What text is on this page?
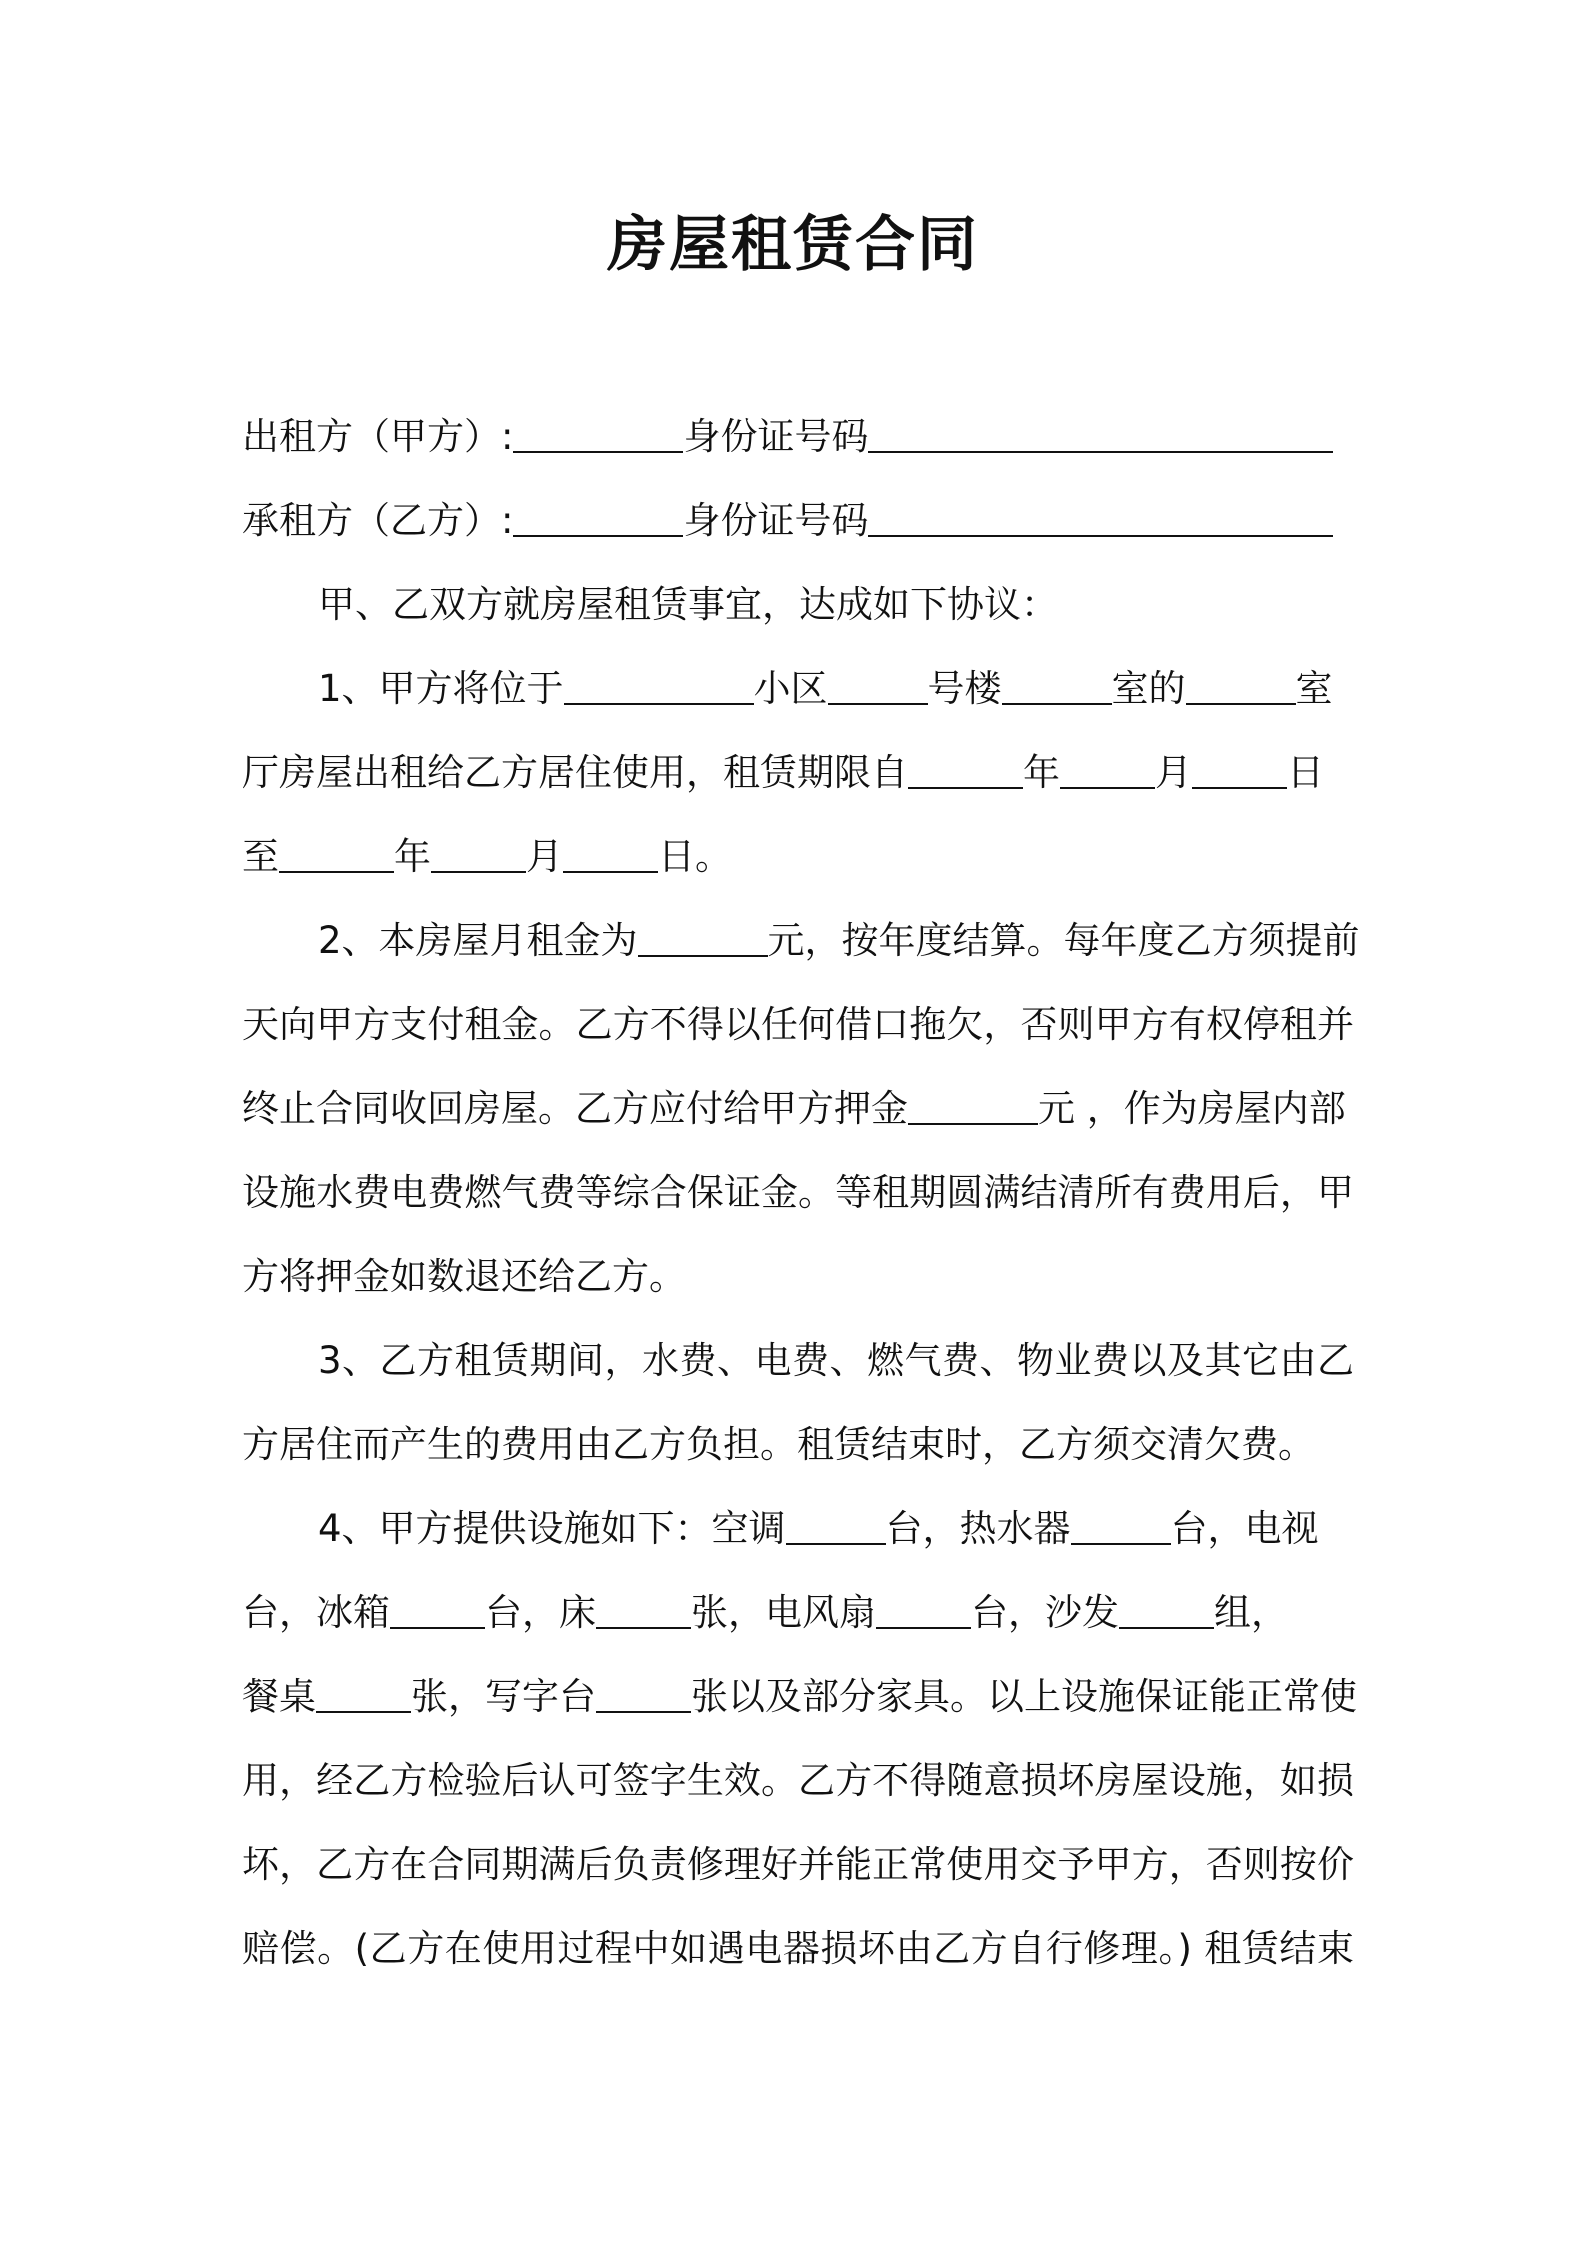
房屋租赁合同
出租方（甲方）:	身份证号码
承租方（乙方）:	身份证号码
甲、乙双方就房屋租赁事宜，达成如下协议：
1、甲方将位于	小区	号楼	室的	室
厅房屋出租给乙方居住使用，租赁期限自	年	月	日
至	年	月	日。
2、本房屋月租金为	元，按年度结算。每年度乙方须提前
天向甲方支付租金。乙方不得以任何借口拖欠，否则甲方有权停租并
终止合同收回房屋。乙方应付给甲方押金	元 ，作为房屋内部
设施水费电费燃气费等综合保证金。等租期圆满结清所有费用后，甲
方将押金如数退还给乙方。
3、乙方租赁期间，水费、电费、燃气费、物业费以及其它由乙
方居住而产生的费用由乙方负担。租赁结束时，乙方须交清欠费。
4、甲方提供设施如下：空调	台，热水器	台，电视
台，冰箱	台，床	张，电风扇	台，沙发	组，
餐桌	张，写字台	张以及部分家具。以上设施保证能正常使
用，经乙方检验后认可签字生效。乙方不得随意损坏房屋设施，如损
坏，乙方在合同期满后负责修理好并能正常使用交予甲方，否则按价
赔偿。(乙方在使用过程中如遇电器损坏由乙方自行修理。) 租赁结束
